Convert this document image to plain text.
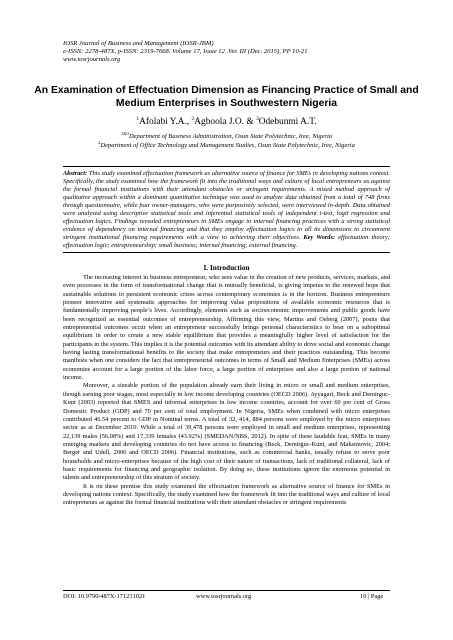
IOSR Journal of Business and Management (IOSR-JBM)
e-ISSN: 2278-487X, p-ISSN: 2319-7668. Volume 17, Issue 12 .Ver. III (Dec. 2015), PP 10-21
www.iosrjournals.org
An Examination of Effectuation Dimension as Financing Practice of Small and Medium Enterprises in Southwestern Nigeria
$^1$Afolabi Y.A., $^2$Agboola J.O. & $^3$Odebunmi A.T.
$^{1\&3}$Department of Business Administration, Osun State Polytechnic, Iree, Nigeria
$^2$Department of Office Technology and Management Studies, Osun State Polytechnic, Iree, Nigeria
Abstract: This study examined effectuation framework as alternative source of finance for SMEs in developing nations context. Specifically, the study examined how the framework fit into the traditional ways and culture of local entrepreneurs as against the formal financial institutions with their attendant obstacles or stringent requirements. A mixed method approach of qualitative approach within a dominant quantitative technique was used to analyze data obtained from a total of 748 firms through questionnaire, while four owner-managers, who were purposively selected, were interviewed in-depth. Data obtained were analysed using descriptive statistical tools and inferential statistical tools of independent t-test, logit regression and effectuation logics. Findings revealed entrepreneurs in SMEs engage in internal financing practices with a strong statistical evidence of dependency on internal financing and that they employ effectuation logics in all its dimensions to circumvent stringent institutional financing requirements with a view to achieving their objectives. Key Words: effectuation theory; effectuation logic; entrepreneurship; small business; internal financing; external financing.
I. Introduction

The increasing interest in business entrepreneur, who sees value in the creation of new products, services, markets, and even processes in the form of transformational change that is mutually beneficial, is giving impetus to the renewed hope that sustainable solutions to persistent economic crises across contemporary economies is in the horizon. Business entrepreneurs pioneer innovative and systematic approaches for improving value propositions of available economic resources that is fundamentally improving people’s lives. Accordingly, elements such as socioeconomic improvements and public goods have been recognized as essential outcomes of entrepreneurship. Affirming this view, Martins and Osberg (2007), posits that entrepreneurial outcomes occur when an entrepreneur successfully brings personal characteristics to bear on a suboptimal equilibrium in order to create a new stable equilibrium that provides a meaningfully higher level of satisfaction for the participants in the system. This implies it is the potential outcomes with its attendant ability to drive social and economic change having lasting transformational benefits to the society that make entrepreneurs and their practices outstanding. This become manifests when one considers the fact that entrepreneurial outcomes in terms of Small and Medium Enterprises (SMEs) across economies account for a large portion of the labor force, a large portion of enterprises and also a large portion of national income.

Moreover, a sizeable portion of the population already earn their living in micro or small and medium enterprises, though earning poor wages, most especially in low income developing countries (OECD 2006). Ayyagari, Beck and Demirguc-Kunt (2003) reported that SMES and informal enterprises in low income countries, account for over 60 per cent of Gross Domestic Product (GDP) and 70 per cent of total employment. In Nigeria, SMEs when combined with micro enterprises contributed 46.54 percent to GDP in Nominal terms. A total of 32, 414, 884 persons were employed by the micro enterprises sector as at December 2010. While a total of 39,478 persons were employed in small and medium enterprises, representing 22,139 males (56.08%) and 17,339 females (43.92%) (SMEDAN/NBS, 2012). In spite of these laudable feat, SMEs in many emerging markets and developing countries do not have access to financing (Beck, Demirguc-Kunt, and Maksimovic, 2004; Berger and Udell, 2006 and OECD 2006). Financial institutions, such as commercial banks, usually refuse to serve poor households and micro-enterprises because of the high cost of their nature of transactions, lack of traditional collateral, lack of basic requirements for financing and geographic isolation. By doing so, these institutions ignore the enormous potential in talents and entrepreneurship of this stratum of society.

It is on these premise this study examined the effectuation framework as alternative source of finance for SMEs in developing nations context. Specifically, the study examined how the framework fit into the traditional ways and culture of local entrepreneurs as against the formal financial institutions with their attendant obstacles or stringent requirements

DOI: 10.9790/487X-171231021	www.iosrjournals.org	10 | Page
